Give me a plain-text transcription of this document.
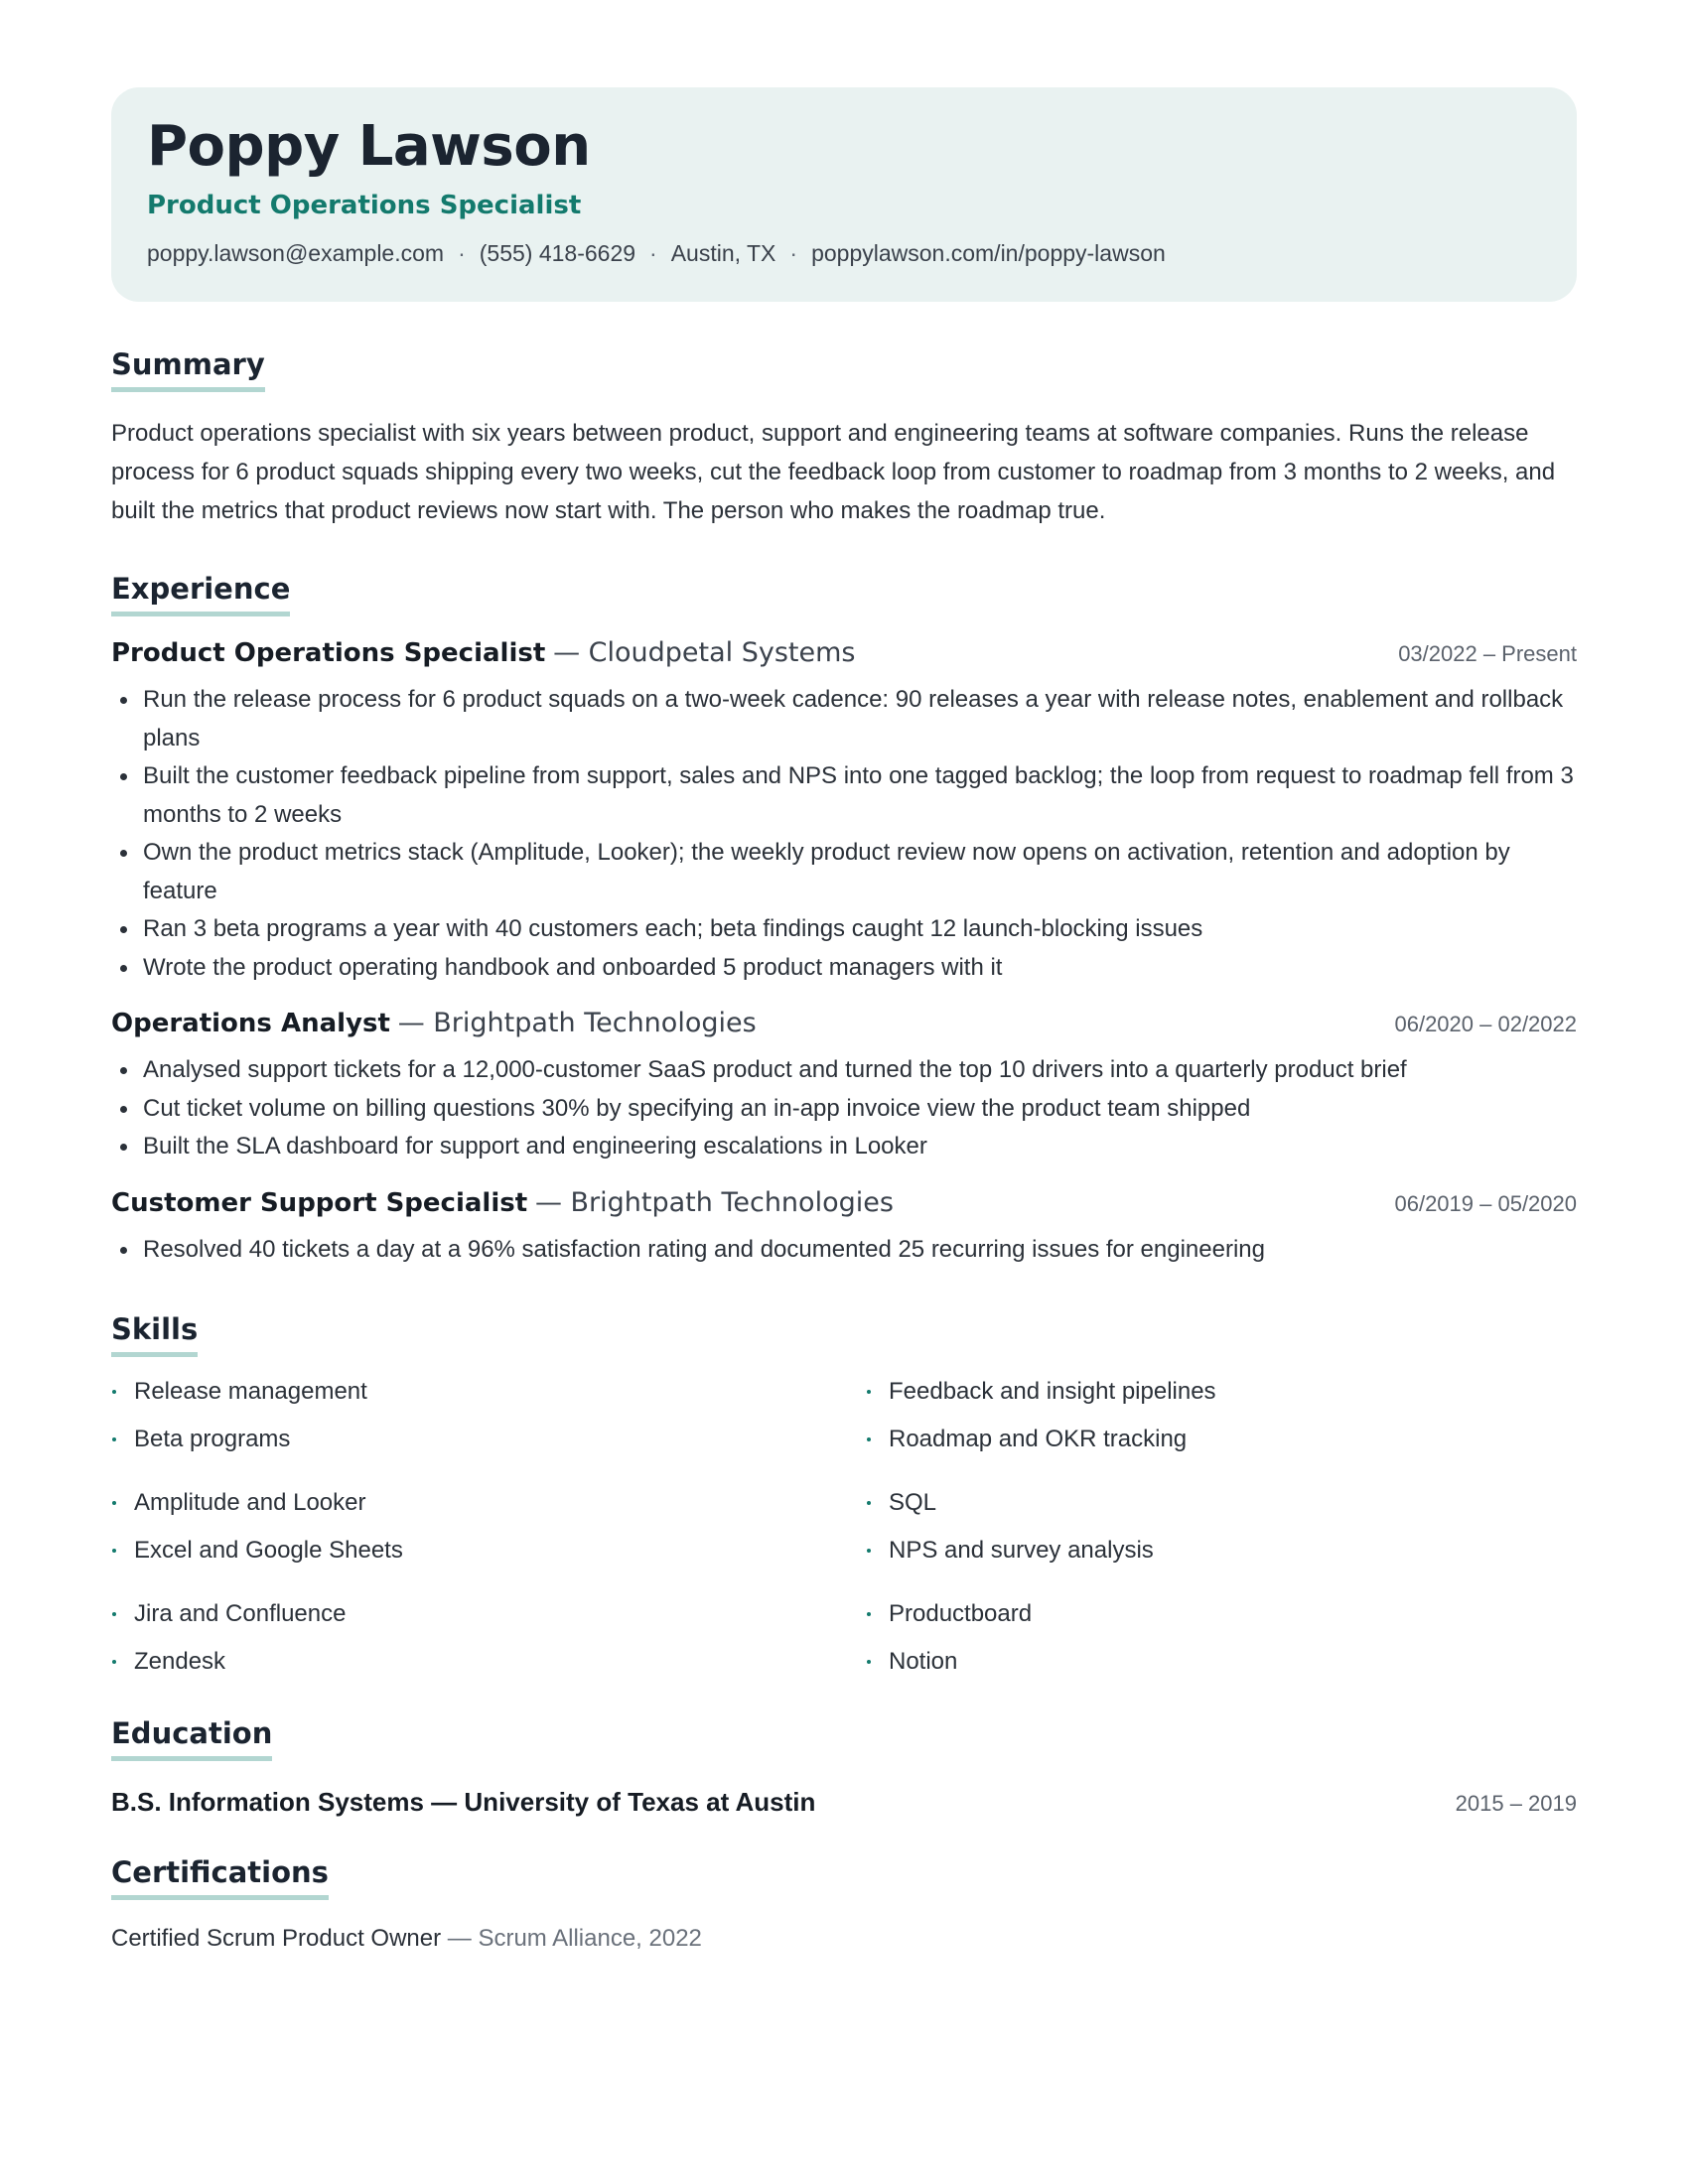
Poppy Lawson
Product Operations Specialist
poppy.lawson@example.com · (555) 418-6629 · Austin, TX · poppylawson.com/in/poppy-lawson
Summary
Product operations specialist with six years between product, support and engineering teams at software companies. Runs the release process for 6 product squads shipping every two weeks, cut the feedback loop from customer to roadmap from 3 months to 2 weeks, and built the metrics that product reviews now start with. The person who makes the roadmap true.
Experience
Product Operations Specialist — Cloudpetal Systems	03/2022 – Present
Run the release process for 6 product squads on a two-week cadence: 90 releases a year with release notes, enablement and rollback plans
Built the customer feedback pipeline from support, sales and NPS into one tagged backlog; the loop from request to roadmap fell from 3 months to 2 weeks
Own the product metrics stack (Amplitude, Looker); the weekly product review now opens on activation, retention and adoption by feature
Ran 3 beta programs a year with 40 customers each; beta findings caught 12 launch-blocking issues
Wrote the product operating handbook and onboarded 5 product managers with it
Operations Analyst — Brightpath Technologies	06/2020 – 02/2022
Analysed support tickets for a 12,000-customer SaaS product and turned the top 10 drivers into a quarterly product brief
Cut ticket volume on billing questions 30% by specifying an in-app invoice view the product team shipped
Built the SLA dashboard for support and engineering escalations in Looker
Customer Support Specialist — Brightpath Technologies	06/2019 – 05/2020
Resolved 40 tickets a day at a 96% satisfaction rating and documented 25 recurring issues for engineering
Skills
Release management	Feedback and insight pipelines
Beta programs	Roadmap and OKR tracking
Amplitude and Looker	SQL
Excel and Google Sheets	NPS and survey analysis
Jira and Confluence	Productboard
Zendesk	Notion
Education
B.S. Information Systems — University of Texas at Austin	2015 – 2019
Certifications
Certified Scrum Product Owner — Scrum Alliance, 2022
